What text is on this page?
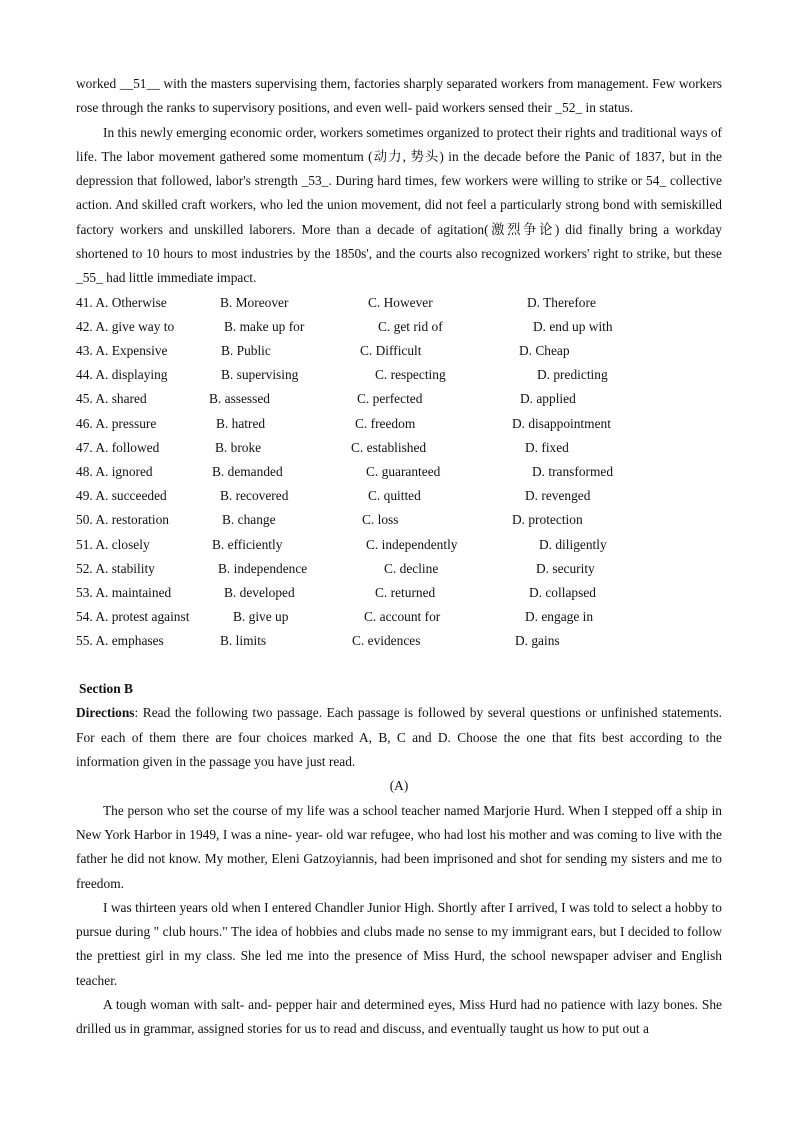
worked __51__ with the masters supervising them, factories sharply separated workers from management. Few workers rose through the ranks to supervisory positions, and even well- paid workers sensed their _52_ in status.

In this newly emerging economic order, workers sometimes organized to protect their rights and traditional ways of life. The labor movement gathered some momentum (动力, 势头) in the decade before the Panic of 1837, but in the depression that followed, labor's strength _53_. During hard times, few workers were willing to strike or 54_ collective action. And skilled craft workers, who led the union movement, did not feel a particularly strong bond with semiskilled factory workers and unskilled laborers. More than a decade of agitation(激烈争论) did finally bring a workday shortened to 10 hours to most industries by the 1850s', and the courts also recognized workers' right to strike, but these _55_ had little immediate impact.

41. A. Otherwise	B. Moreover	C. However	D. Therefore
42. A. give way to	B. make up for	C. get rid of	D. end up with
43. A. Expensive	B. Public	C. Difficult	D. Cheap
44. A. displaying	B. supervising	C. respecting	D. predicting
45. A. shared	B. assessed	C. perfected	D. applied
46. A. pressure	B. hatred	C. freedom	D. disappointment
47. A. followed	B. broke	C. established	D. fixed
48. A. ignored	B. demanded	C. guaranteed	D. transformed
49. A. succeeded	B. recovered	C. quitted	D. revenged
50. A. restoration	B. change	C. loss	D. protection
51. A. closely	B. efficiently	C. independently	D. diligently
52. A. stability	B. independence	C. decline	D. security
53. A. maintained	B. developed	C. returned	D. collapsed
54. A. protest against	B. give up	C. account for	D. engage in
55. A. emphases	B. limits	C. evidences	D. gains

Section B

Directions: Read the following two passage. Each passage is followed by several questions or unfinished statements. For each of them there are four choices marked A, B, C and D. Choose the one that fits best according to the information given in the passage you have just read.

(A)

The person who set the course of my life was a school teacher named Marjorie Hurd. When I stepped off a ship in New York Harbor in 1949, I was a nine- year- old war refugee, who had lost his mother and was coming to live with the father he did not know. My mother, Eleni Gatzoyiannis, had been imprisoned and shot for sending my sisters and me to freedom.

I was thirteen years old when I entered Chandler Junior High. Shortly after I arrived, I was told to select a hobby to pursue during " club hours." The idea of hobbies and clubs made no sense to my immigrant ears, but I decided to follow the prettiest girl in my class. She led me into the presence of Miss Hurd, the school newspaper adviser and English teacher.

A tough woman with salt- and- pepper hair and determined eyes, Miss Hurd had no patience with lazy bones. She drilled us in grammar, assigned stories for us to read and discuss, and eventually taught us how to put out a
